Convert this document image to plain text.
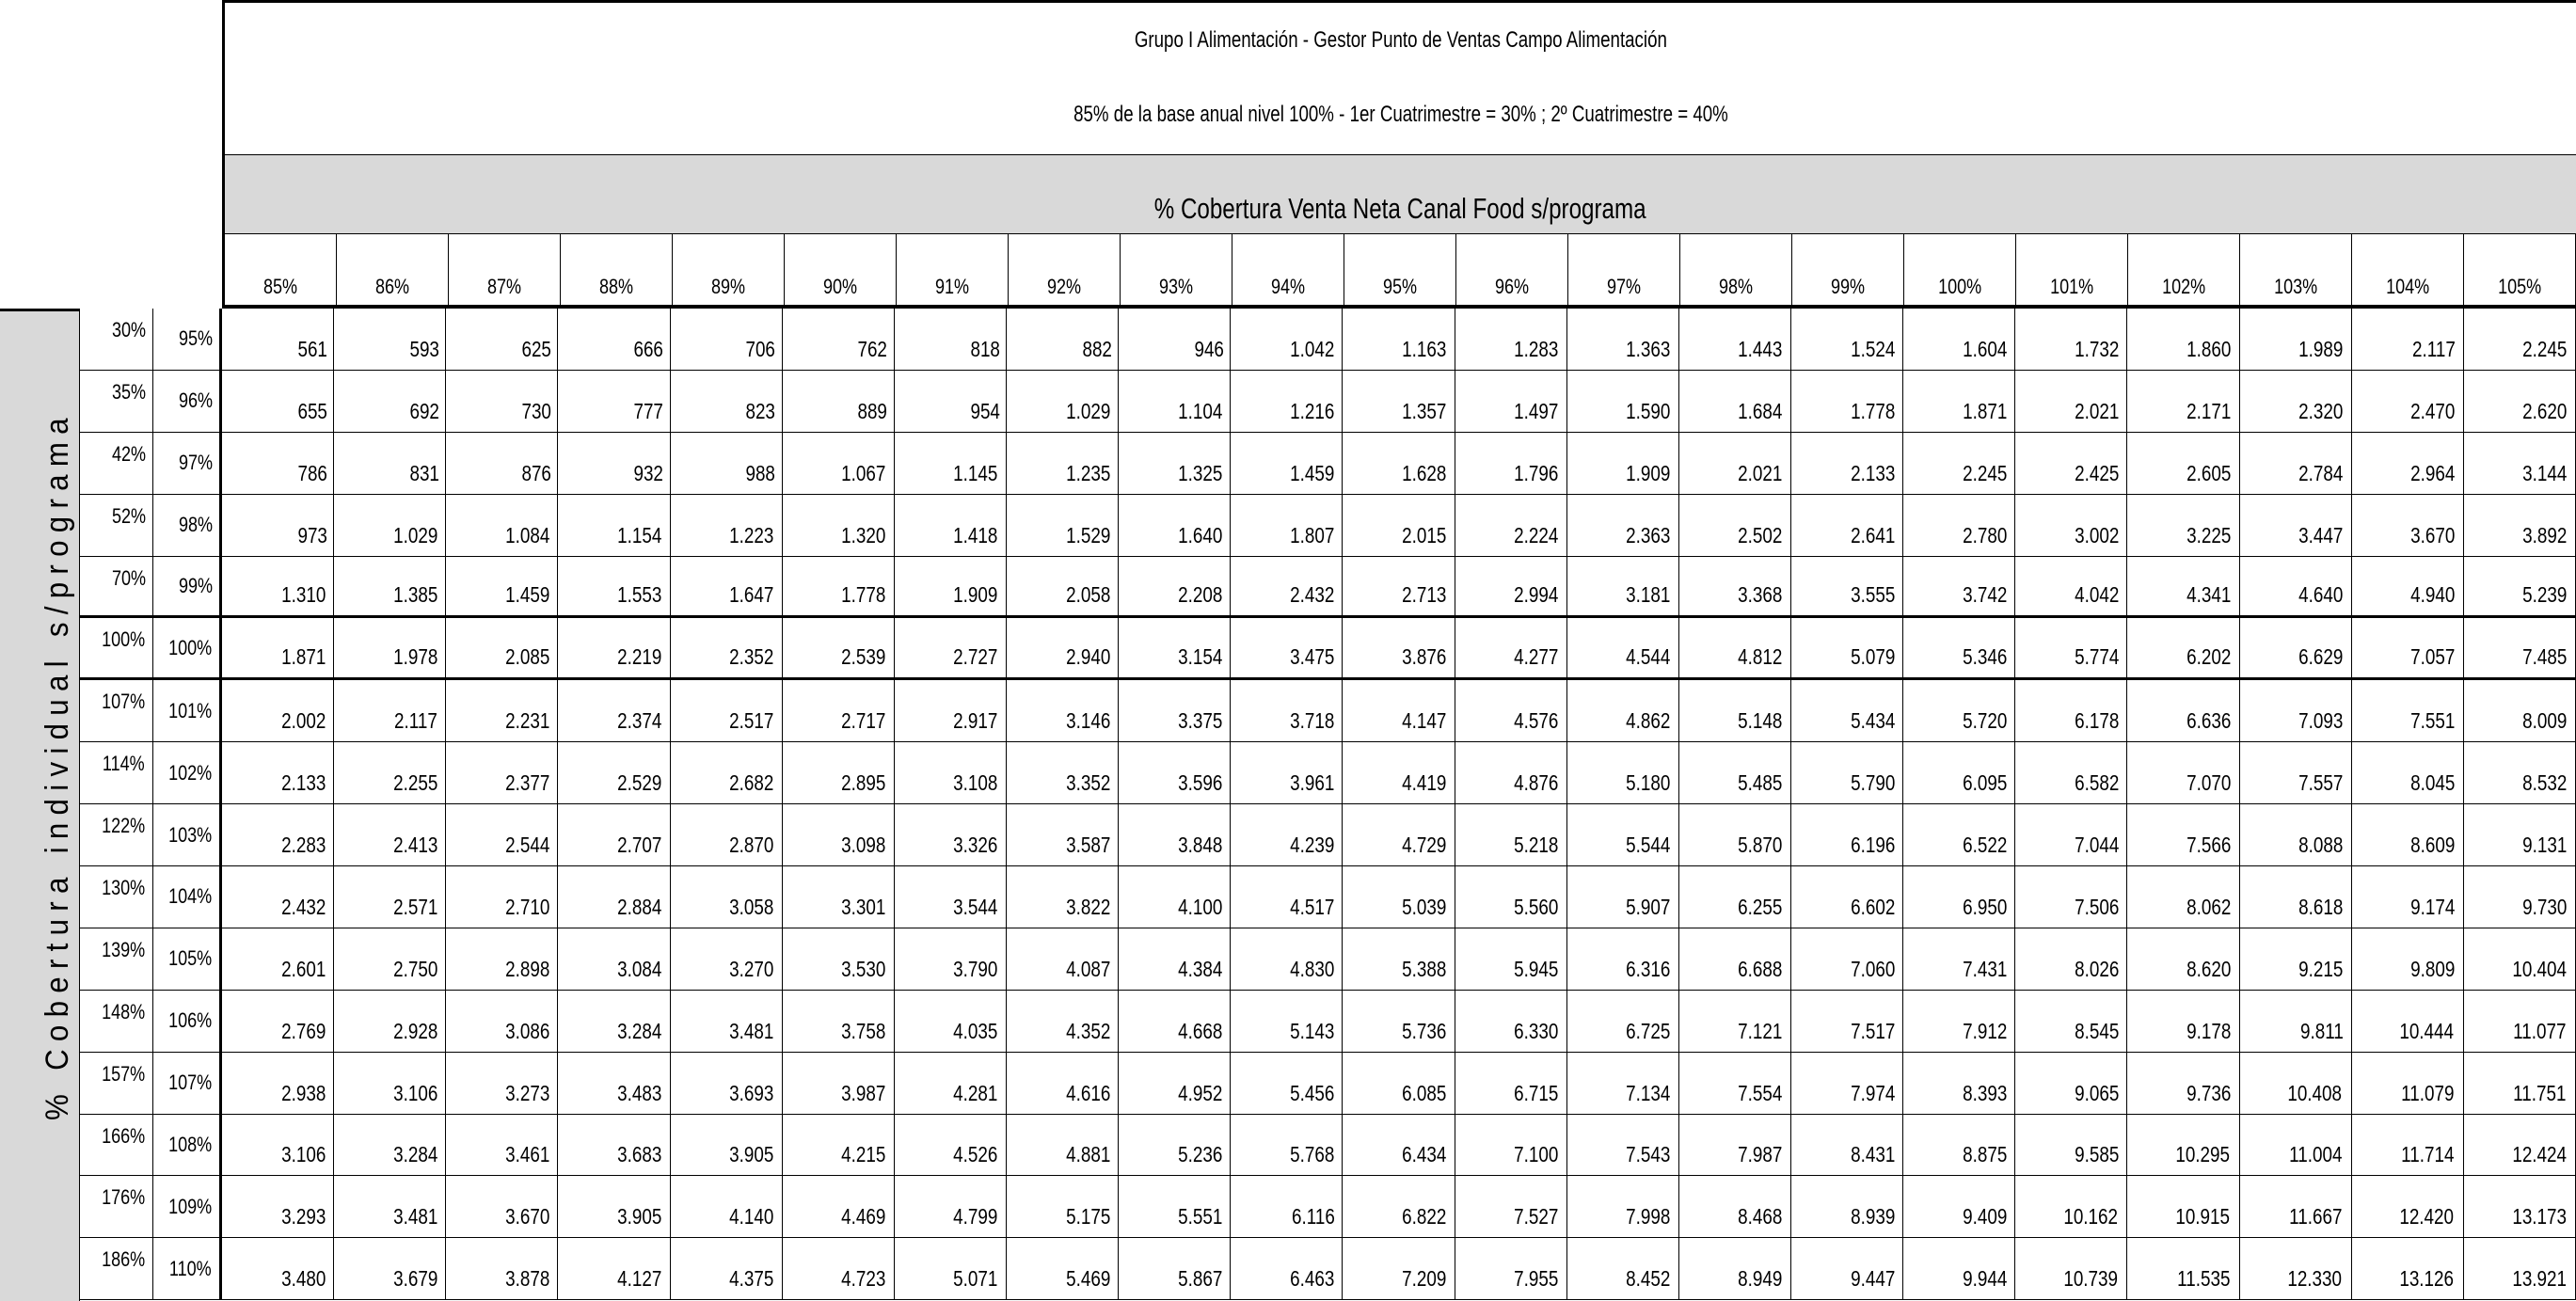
Grupo I Alimentación - Gestor Punto de Ventas Campo Alimentación
85% de la base anual nivel 100% - 1er Cuatrimestre = 30% ; 2º Cuatrimestre = 40%
% Cobertura Venta Neta Canal Food s/programa
85%	86%	87%	88%	89%	90%	91%	92%	93%	94%	95%	96%	97%	98%	99%	100%	101%	102%	103%	104%	105%
% Cobertura individual s/programa
30% 95%	561	593	625	666	706	762	818	882	946	1.042	1.163	1.283	1.363	1.443	1.524	1.604	1.732	1.860	1.989	2.117	2.245
35% 96%	655	692	730	777	823	889	954	1.029	1.104	1.216	1.357	1.497	1.590	1.684	1.778	1.871	2.021	2.171	2.320	2.470	2.620
42% 97%	786	831	876	932	988	1.067	1.145	1.235	1.325	1.459	1.628	1.796	1.909	2.021	2.133	2.245	2.425	2.605	2.784	2.964	3.144
52% 98%	973	1.029	1.084	1.154	1.223	1.320	1.418	1.529	1.640	1.807	2.015	2.224	2.363	2.502	2.641	2.780	3.002	3.225	3.447	3.670	3.892
70% 99%	1.310	1.385	1.459	1.553	1.647	1.778	1.909	2.058	2.208	2.432	2.713	2.994	3.181	3.368	3.555	3.742	4.042	4.341	4.640	4.940	5.239
100% 100%	1.871	1.978	2.085	2.219	2.352	2.539	2.727	2.940	3.154	3.475	3.876	4.277	4.544	4.812	5.079	5.346	5.774	6.202	6.629	7.057	7.485
107% 101%	2.002	2.117	2.231	2.374	2.517	2.717	2.917	3.146	3.375	3.718	4.147	4.576	4.862	5.148	5.434	5.720	6.178	6.636	7.093	7.551	8.009
114% 102%	2.133	2.255	2.377	2.529	2.682	2.895	3.108	3.352	3.596	3.961	4.419	4.876	5.180	5.485	5.790	6.095	6.582	7.070	7.557	8.045	8.532
122% 103%	2.283	2.413	2.544	2.707	2.870	3.098	3.326	3.587	3.848	4.239	4.729	5.218	5.544	5.870	6.196	6.522	7.044	7.566	8.088	8.609	9.131
130% 104%	2.432	2.571	2.710	2.884	3.058	3.301	3.544	3.822	4.100	4.517	5.039	5.560	5.907	6.255	6.602	6.950	7.506	8.062	8.618	9.174	9.730
139% 105%	2.601	2.750	2.898	3.084	3.270	3.530	3.790	4.087	4.384	4.830	5.388	5.945	6.316	6.688	7.060	7.431	8.026	8.620	9.215	9.809	10.404
148% 106%	2.769	2.928	3.086	3.284	3.481	3.758	4.035	4.352	4.668	5.143	5.736	6.330	6.725	7.121	7.517	7.912	8.545	9.178	9.811	10.444	11.077
157% 107%	2.938	3.106	3.273	3.483	3.693	3.987	4.281	4.616	4.952	5.456	6.085	6.715	7.134	7.554	7.974	8.393	9.065	9.736	10.408	11.079	11.751
166% 108%	3.106	3.284	3.461	3.683	3.905	4.215	4.526	4.881	5.236	5.768	6.434	7.100	7.543	7.987	8.431	8.875	9.585	10.295	11.004	11.714	12.424
176% 109%	3.293	3.481	3.670	3.905	4.140	4.469	4.799	5.175	5.551	6.116	6.822	7.527	7.998	8.468	8.939	9.409	10.162	10.915	11.667	12.420	13.173
186% 110%	3.480	3.679	3.878	4.127	4.375	4.723	5.071	5.469	5.867	6.463	7.209	7.955	8.452	8.949	9.447	9.944	10.739	11.535	12.330	13.126	13.921
